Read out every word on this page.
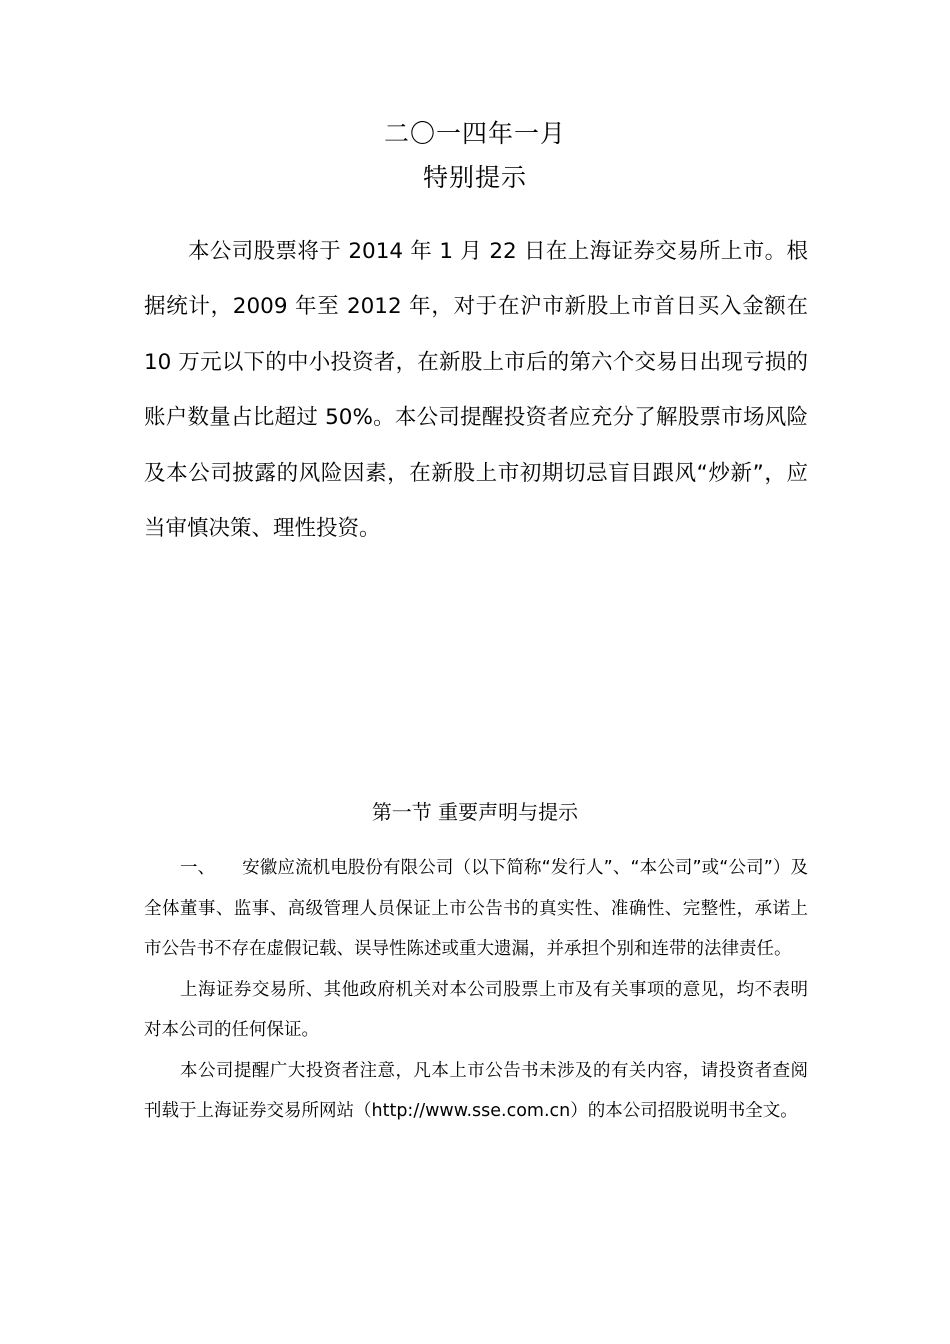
二〇一四年一月
特别提示

本公司股票将于 2014 年 1 月 22 日在上海证券交易所上市。根据统计，2009 年至 2012 年，对于在沪市新股上市首日买入金额在 10 万元以下的中小投资者，在新股上市后的第六个交易日出现亏损的账户数量占比超过 50%。本公司提醒投资者应充分了解股票市场风险及本公司披露的风险因素，在新股上市初期切忌盲目跟风“炒新”，应当审慎决策、理性投资。

第一节 重要声明与提示

一、 安徽应流机电股份有限公司（以下简称“发行人”、“本公司”或“公司”）及全体董事、监事、高级管理人员保证上市公告书的真实性、准确性、完整性，承诺上市公告书不存在虚假记载、误导性陈述或重大遗漏，并承担个别和连带的法律责任。

上海证券交易所、其他政府机关对本公司股票上市及有关事项的意见，均不表明对本公司的任何保证。

本公司提醒广大投资者注意，凡本上市公告书未涉及的有关内容，请投资者查阅刊载于上海证券交易所网站（http://www.sse.com.cn）的本公司招股说明书全文。
